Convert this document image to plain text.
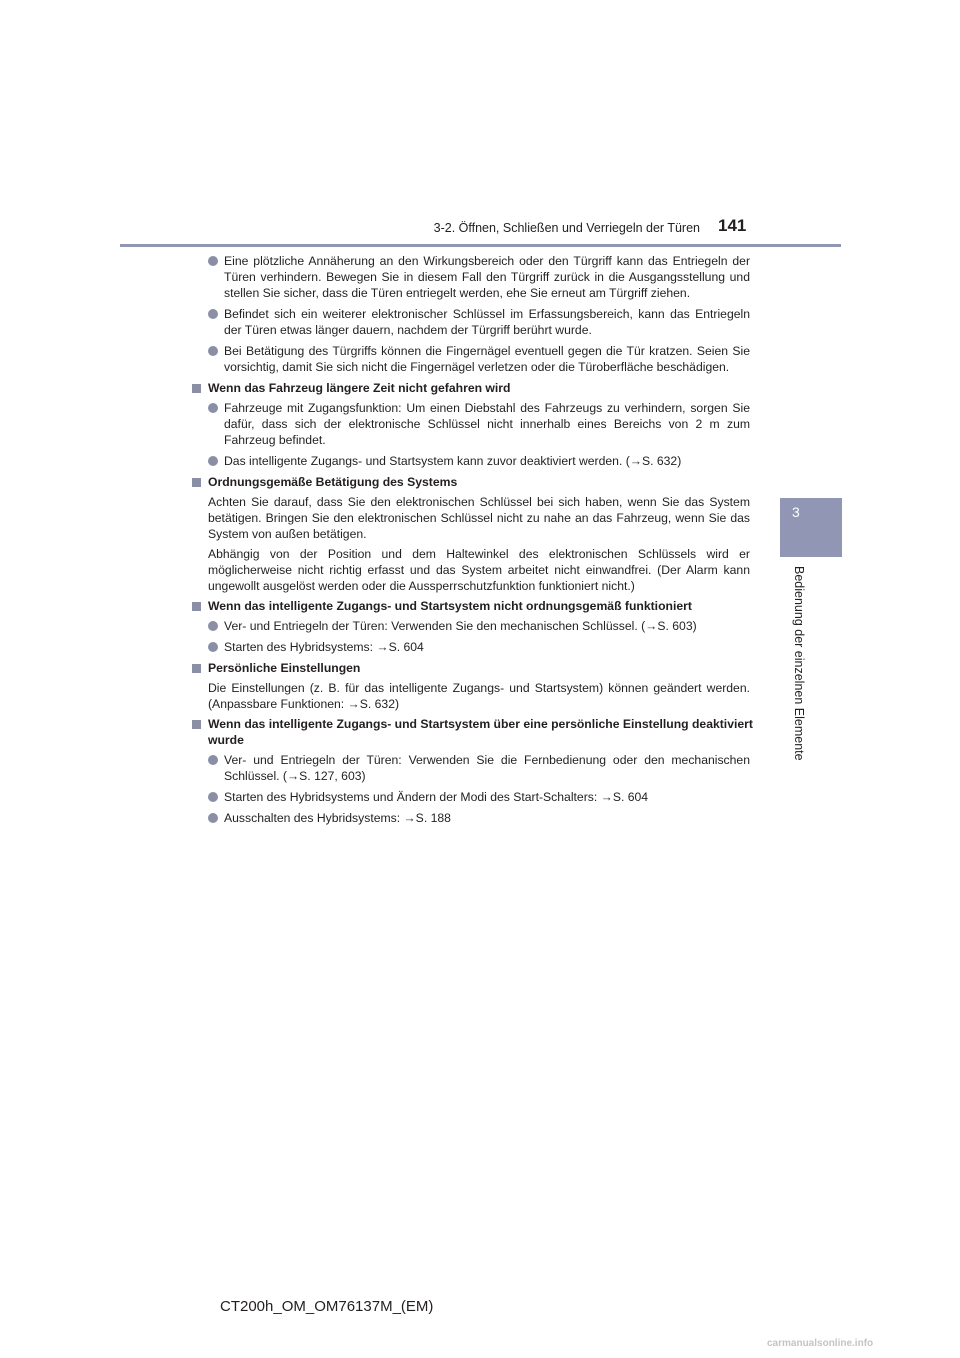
3-2. Öffnen, Schließen und Verriegeln der Türen 141
3
Bedienung der einzelnen Elemente
Eine plötzliche Annäherung an den Wirkungsbereich oder den Türgriff kann das Entriegeln der Türen verhindern. Bewegen Sie in diesem Fall den Türgriff zurück in die Ausgangsstellung und stellen Sie sicher, dass die Türen entriegelt werden, ehe Sie erneut am Türgriff ziehen.
Befindet sich ein weiterer elektronischer Schlüssel im Erfassungsbereich, kann das Entriegeln der Türen etwas länger dauern, nachdem der Türgriff berührt wurde.
Bei Betätigung des Türgriffs können die Fingernägel eventuell gegen die Tür kratzen. Seien Sie vorsichtig, damit Sie sich nicht die Fingernägel verletzen oder die Türoberfläche beschädigen.
Wenn das Fahrzeug längere Zeit nicht gefahren wird
Fahrzeuge mit Zugangsfunktion: Um einen Diebstahl des Fahrzeugs zu verhindern, sorgen Sie dafür, dass sich der elektronische Schlüssel nicht innerhalb eines Bereichs von 2 m zum Fahrzeug befindet.
Das intelligente Zugangs- und Startsystem kann zuvor deaktiviert werden. (→S. 632)
Ordnungsgemäße Betätigung des Systems
Achten Sie darauf, dass Sie den elektronischen Schlüssel bei sich haben, wenn Sie das System betätigen. Bringen Sie den elektronischen Schlüssel nicht zu nahe an das Fahrzeug, wenn Sie das System von außen betätigen.
Abhängig von der Position und dem Haltewinkel des elektronischen Schlüssels wird er möglicherweise nicht richtig erfasst und das System arbeitet nicht einwandfrei. (Der Alarm kann ungewollt ausgelöst werden oder die Aussperrschutzfunktion funktioniert nicht.)
Wenn das intelligente Zugangs- und Startsystem nicht ordnungsgemäß funktioniert
Ver- und Entriegeln der Türen: Verwenden Sie den mechanischen Schlüssel. (→S. 603)
Starten des Hybridsystems: →S. 604
Persönliche Einstellungen
Die Einstellungen (z. B. für das intelligente Zugangs- und Startsystem) können geändert werden. (Anpassbare Funktionen: →S. 632)
Wenn das intelligente Zugangs- und Startsystem über eine persönliche Einstellung deaktiviert wurde
Ver- und Entriegeln der Türen: Verwenden Sie die Fernbedienung oder den mechanischen Schlüssel. (→S. 127, 603)
Starten des Hybridsystems und Ändern der Modi des Start-Schalters: →S. 604
Ausschalten des Hybridsystems: →S. 188
CT200h_OM_OM76137M_(EM)
carmanualsonline.info
